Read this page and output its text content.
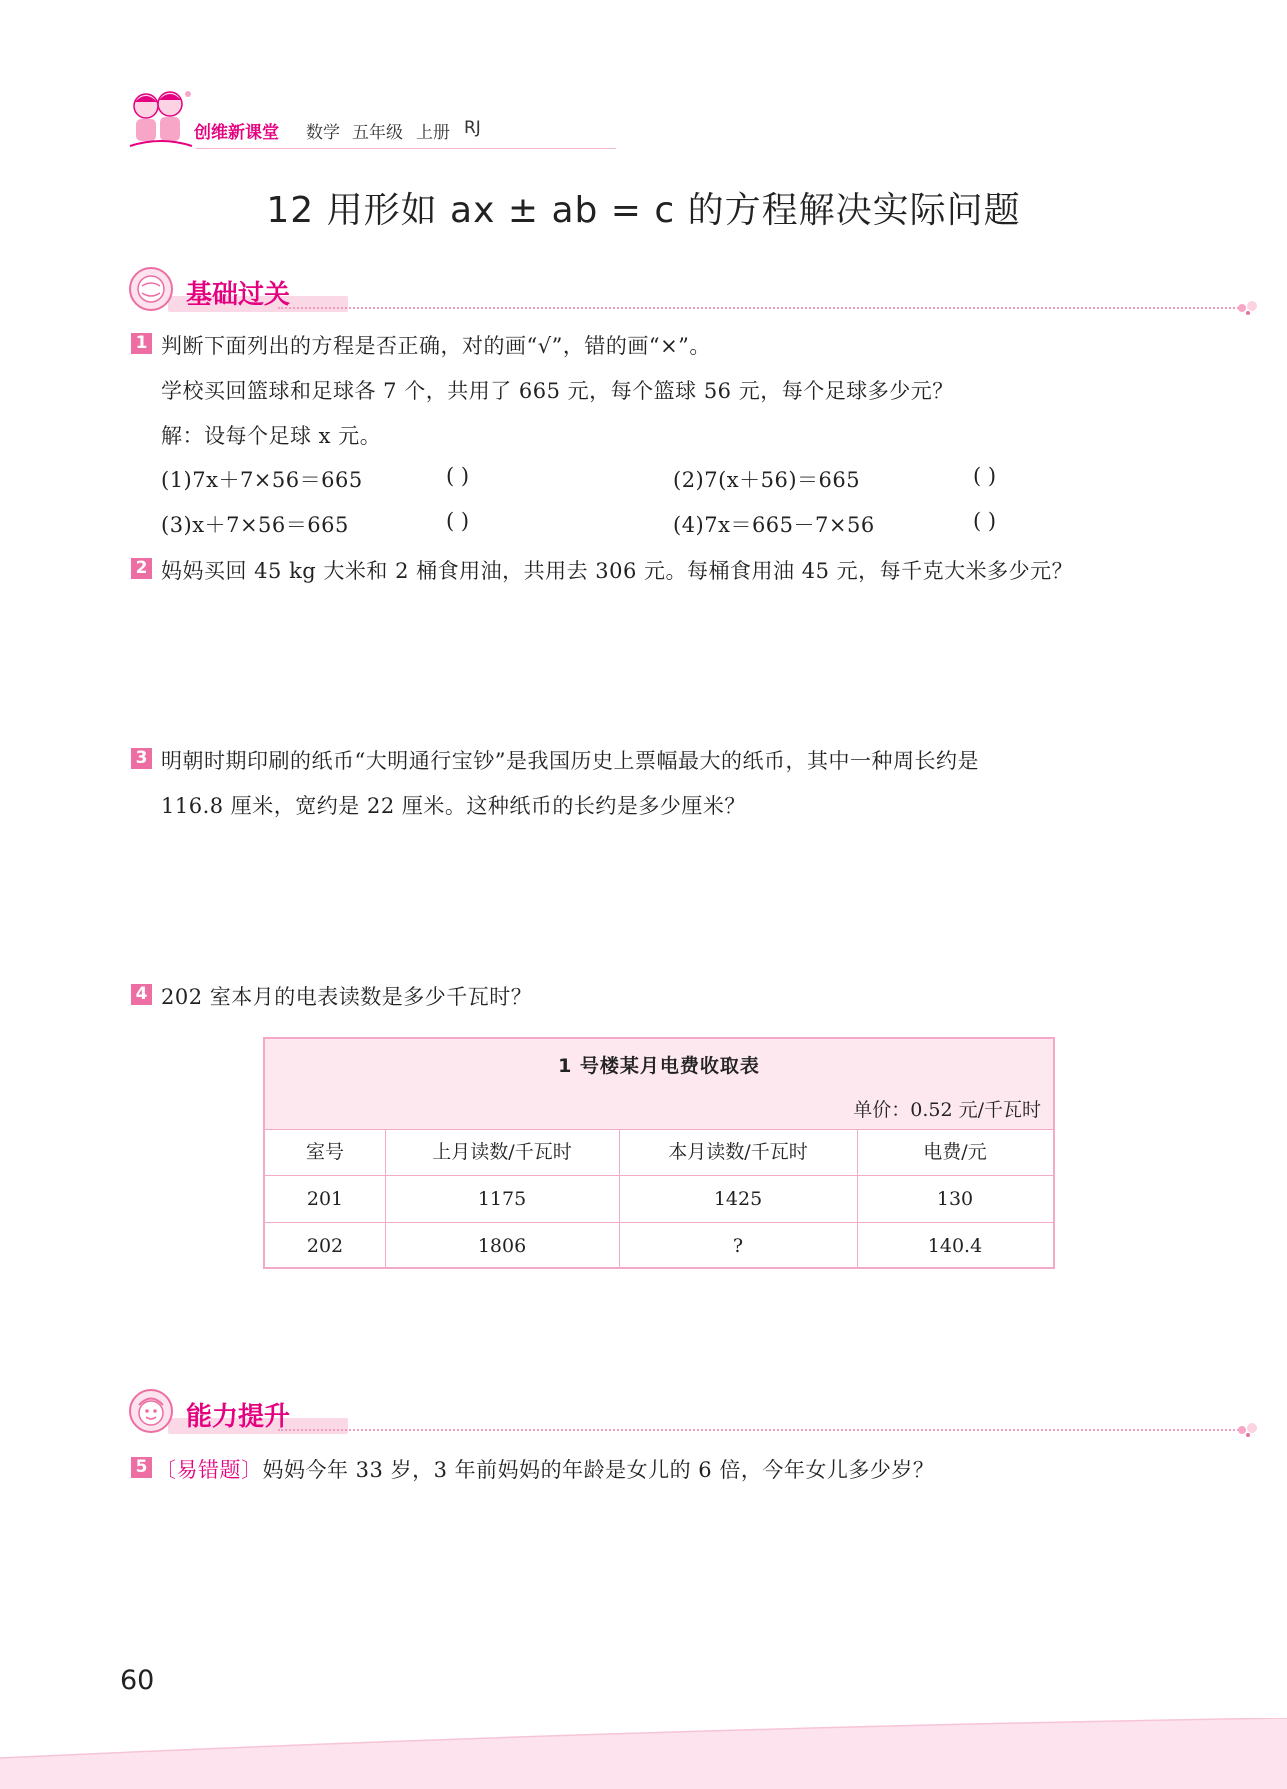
创维新课堂 数学 五年级 上册 RJ
12 用形如 ax ± ab = c 的方程解决实际问题
基础过关
1 判断下面列出的方程是否正确，对的画“√”，错的画“×”。
学校买回篮球和足球各 7 个，共用了 665 元，每个篮球 56 元，每个足球多少元？
解：设每个足球 x 元。
(1)7x＋7×56＝665	( )	(2)7(x＋56)＝665	( )
(3)x＋7×56＝665	( )	(4)7x＝665－7×56	( )
2 妈妈买回 45 kg 大米和 2 桶食用油，共用去 306 元。每桶食用油 45 元，每千克大米多少元？
3 明朝时期印刷的纸币“大明通行宝钞”是我国历史上票幅最大的纸币，其中一种周长约是
116.8 厘米，宽约是 22 厘米。这种纸币的长约是多少厘米？
4 202 室本月的电表读数是多少千瓦时？
1 号楼某月电费收取表
单价：0.52 元/千瓦时
室号	上月读数/千瓦时	本月读数/千瓦时	电费/元
201	1175	1425	130
202	1806	?	140.4
能力提升
5 〔易错题〕妈妈今年 33 岁，3 年前妈妈的年龄是女儿的 6 倍，今年女儿多少岁？
60
